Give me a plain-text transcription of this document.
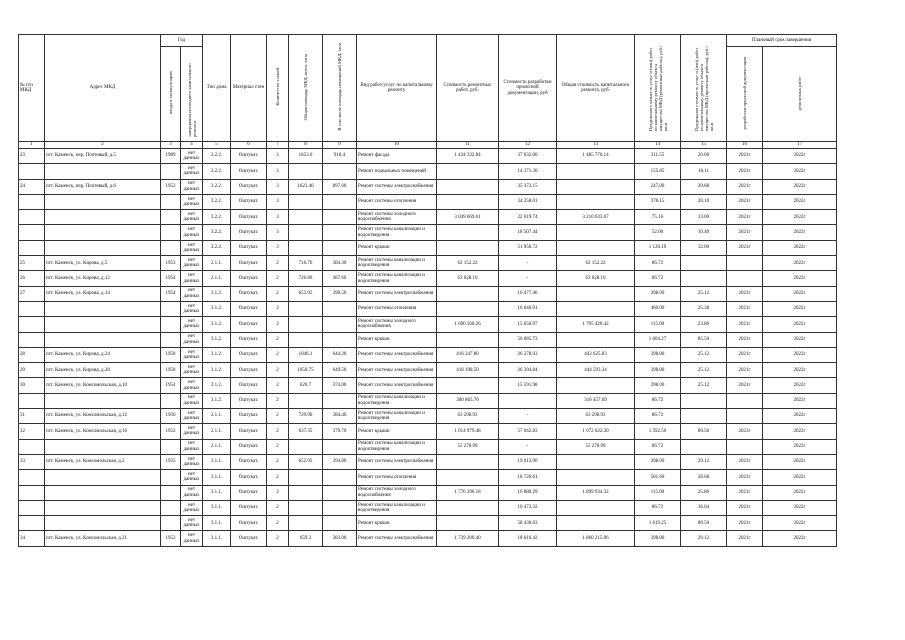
№ п/п МКД	Адрес МКД	Год		Тип дома	Материал стен	Количество этажей	Общая площадь МКД, всего, кв.м	В том числе площадь помещений МКД, кв.м	Вид работ/услуг по капитальному ремонту	Стоимость ремонтных работ, руб.	Стоимость разработки проектной документации, руб	Общая стоимость капитального ремонта, руб.	Предельная стоимость услуг и (или) работ по капитальному ремонту объекта имущества МКД (ремонтные работы), руб./кв.м	Предельная стоимость услуг и (или) работ по капитальному ремонту объекта имущества МКД (проектные работы), руб./кв.м	Плановый срок завершения	
		ввода в эксплуатацию	завершения последнего капитального ремонта												разработки проектной документации	ремонтных работ
1	2	3	4	5	6	7	8	9	10	11	12	13	14	15	16	17
23	пгт. Каменск, пер. Почтовый, д.5	1989	нет данных	3.2.2.	Оштукат.	3	1653.6	918,4	Ремонт фасада	1 434 332.84	37 032.00	1 485 776.14	311.55	20.00	2021г	2022г
			нет данных	3.2.2.	Оштукат.	3			Ремонт подвальных помещений		14 371.30		155.85	18.11	2021г	2022г
24	пгт. Каменск, пер. Почтовый, д.6	1953	нет данных	3.2.2.	Оштукат.	3	1623.46	897.60	Ремонт системы электроснабжения		35 373.15		247.00	20.68	2021г	2022г
			нет данных	3.2.2.	Оштукат.	3			Ремонт системы отопления		34 258.01		378.15	20.10	2021г	2022г
			нет данных	3.2.2.	Оштукат.	3			Ремонт системы холодного водоснабжения	3 049 669.61	22 619.74	3 210 633.67	75.16	13.00	2021г	2022г
			нет данных	3.2.2.	Оштукат.	3			Ремонт системы канализации и водоотведения		18 507.44		52.00	10.40	2021г	2022г
			нет данных	3.2.2.	Оштукат.	3			Ремонт крыши		51 950.72		1 126.19	32.00	2021г	2022г
25	пгт. Каменск, ул. Кирова, д.5	1953	нет данных	2.1.1.	Оштукат.	2	716.70	384.30	Ремонт системы канализации и водоотведения	62 152.22	-	62 152.22	86.72			2022г
26	пгт. Каменск, ул. Кирова, д.12	1954	нет данных	2.1.1.	Оштукат.	2	726.80	387.60	Ремонт системы канализации и водоотведения	63 028.10	-	63 028.10	86.72			2022г
27	пгт. Каменск, ул. Кирова, д.14	1954	нет данных	3.1.2.	Оштукат.	2	653.95	390.50	Ремонт системы электроснабжения		16 477.46		398.00	25.12	2021г	2022г
			нет данных	3.1.2.	Оштукат.	2			Ремонт системы отопления		16 646.01		460.00	25.38	2021г	2022г
			нет данных	3.1.2.	Оштукат.	2			Ремонт системы холодного водоснабжения	1 690 560.26	15 650.97	1 795 420.42	115.00	23.86	2021г	2022г
			нет данных	3.1.2.	Оштукат.	2			Ремонт крыши		56 085.73		1 604.27	85.50	2021г	2022г
28	пгт. Каменск, ул. Кирова, д.24	1958	нет данных	3.1.2.	Оштукат.	2	1046.1	644.20	Ремонт системы электроснабжения	416 347.80	26 278.03	442 625.83	398.00	25.12	2021г	2022г
29	пгт. Каменск, ул. Кирова, д.28	1958	нет данных	3.1.2.	Оштукат.	2	1050.75	649.50	Ремонт системы электроснабжения	418 198.50	26 394.84	444 593.34	398.00	25.12	2021г	2022г
30	пгт. Каменск, ул. Комсомольская, д.10	1954	нет данных	3.1.2.	Оштукат.	2	620.7	374.00	Ремонт системы электроснабжения		15 591.98		398.00	25.12	2021г	2022г
			нет данных	3.1.2.	Оштукат.	2			Ремонт системы канализации и водоотведения	300 865.70		316 457.69	86.72			2022г
31	пгт. Каменск, ул. Комсомольская, д.12	1956	нет данных	2.1.1.	Оштукат.	2	729.90	384.40	Ремонт системы канализации и водоотведения	63 298.93	-	63 298.93	86.72			2022г
32	пгт. Каменск, ул. Комсомольская, д.16	1952	нет данных	2.1.1.	Оштукат.	2	637.35	379.70	Ремонт крыши	1 014 979.48	57 042.83	1 072 022.30	1 592.50	89.50	2021г	2022г
			нет данных	2.1.1.	Оштукат.	2			Ремонт системы канализации и водоотведения	55 270.99	-	55 270.99	86.72			2022г
33	пгт. Каменск, ул. Комсомольская, д.2	1955	нет данных	3.1.1.	Оштукат.	2	652.95	394.80	Ремонт системы электроснабжения		19 013.90		398.00	29.12	2021г	2022г
			нет данных	3.1.1.	Оштукат.	2			Ремонт системы отопления		18 726.61		501.60	28.68	2021г	2022г
			нет данных	3.1.1.	Оштукат.	2			Ремонт системы холодного водоснабжения	1 776 396.18	16 880.29	1 899 934.32	115.00	25.86	2021г	2022г
			нет данных	3.1.1.	Оштукат.	2			Ремонт системы канализации и водоотведения		10 473.32		86.72	16.04	2021г	2022г
			нет данных	3.1.1.	Оштукат.	2			Ремонт крыши		58 430.03		1 619.25	89.50	2021г	2022г
34	пгт. Каменск, ул. Комсомольская, д.21	1953	нет данных	3.1.1.	Оштукат.	2	659.3	383.00	Ремонт системы электроснабжения	1 739 200.40	18 616.42	1 860 215.96	398.00	29.12	2021г	2022г
